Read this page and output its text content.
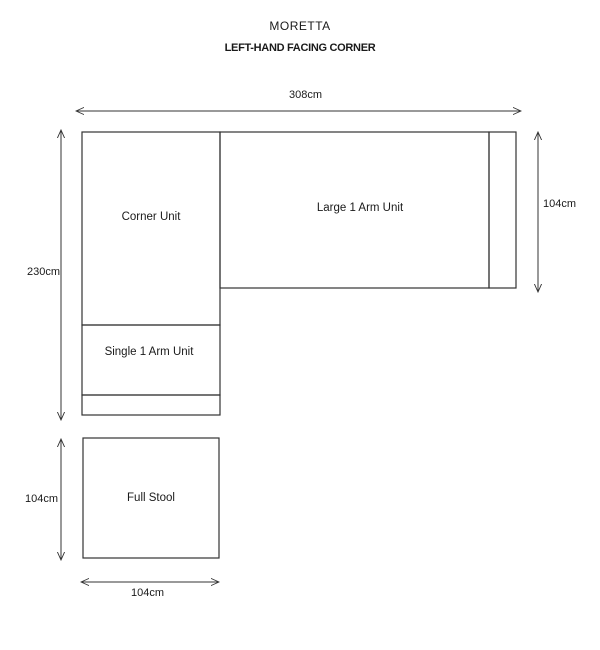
MORETTA
LEFT-HAND FACING CORNER
308cm
230cm
104cm
104cm
104cm
Corner Unit
Large 1 Arm Unit
Single 1 Arm Unit
Full Stool
